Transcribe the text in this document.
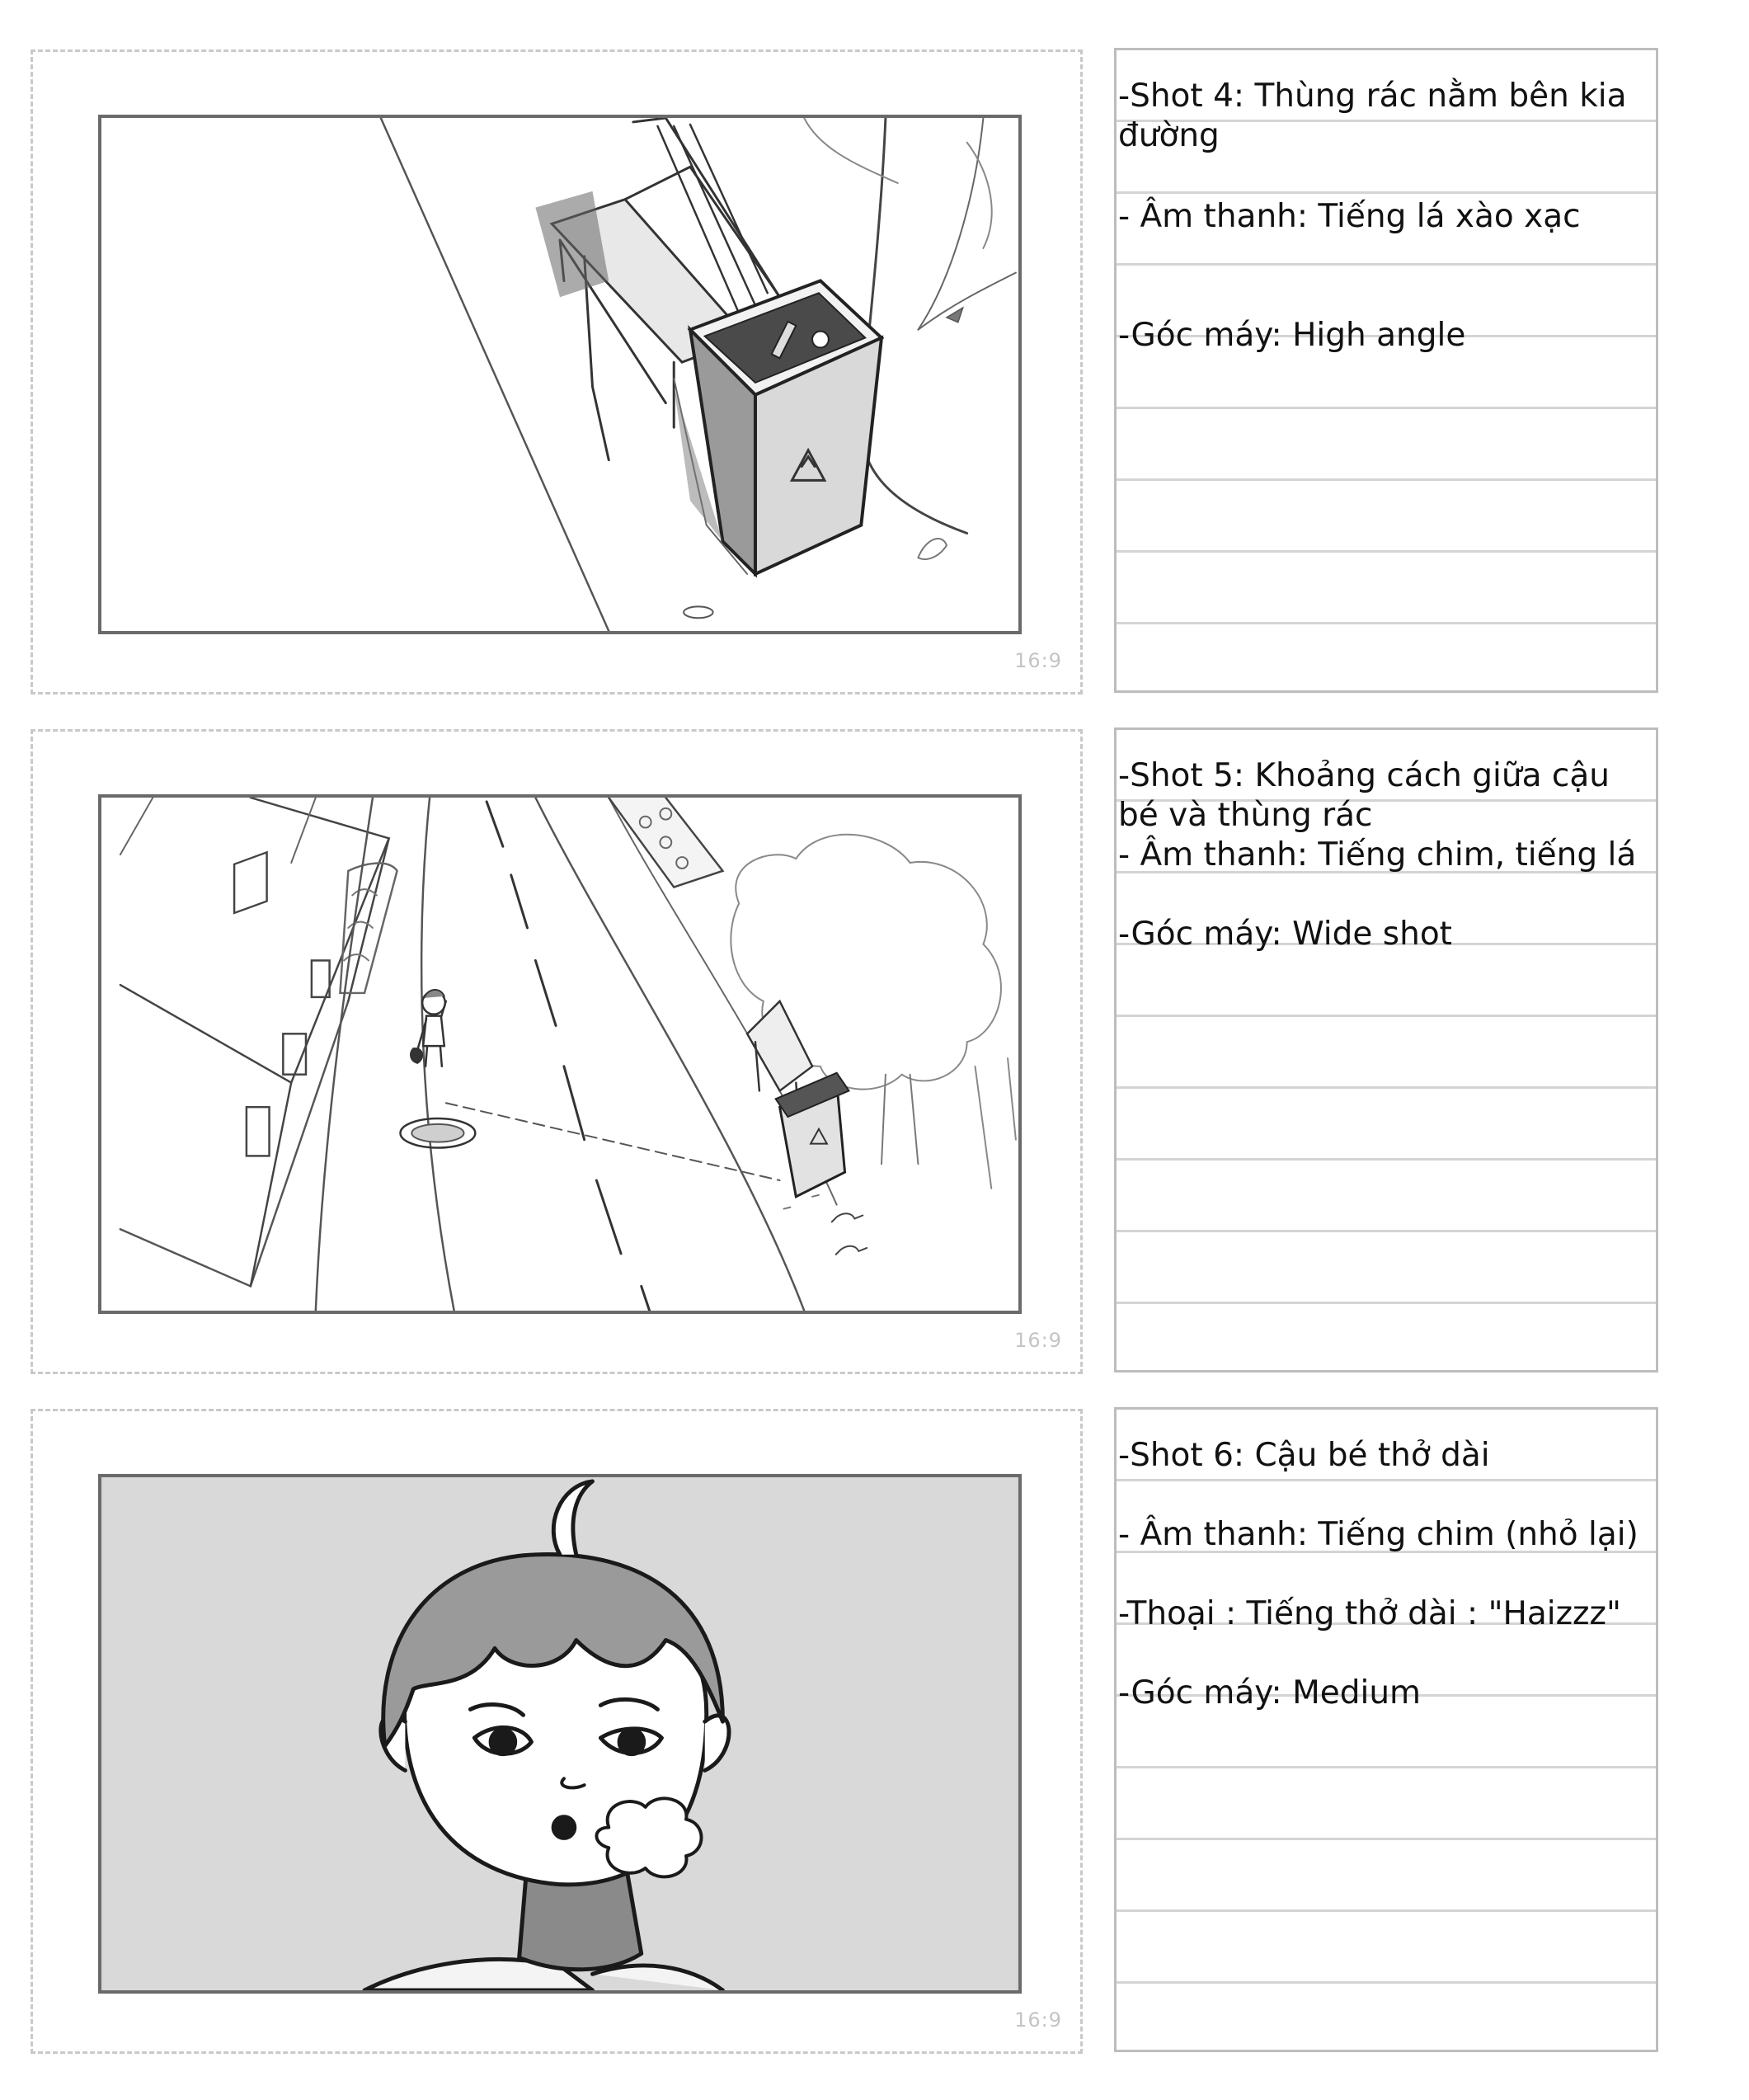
16:9
-Shot 4: Thùng rác nằm bên kia đường
- Âm thanh: Tiếng lá xào xạc
-Góc máy: High angle
16:9
-Shot 5: Khoảng cách giữa cậu bé và thùng rác
- Âm thanh: Tiếng chim, tiếng lá
-Góc máy: Wide shot
16:9
-Shot 6: Cậu bé thở dài
- Âm thanh: Tiếng chim (nhỏ lại)
-Thoại : Tiếng thở dài : "Haizzz"
-Góc máy: Medium
